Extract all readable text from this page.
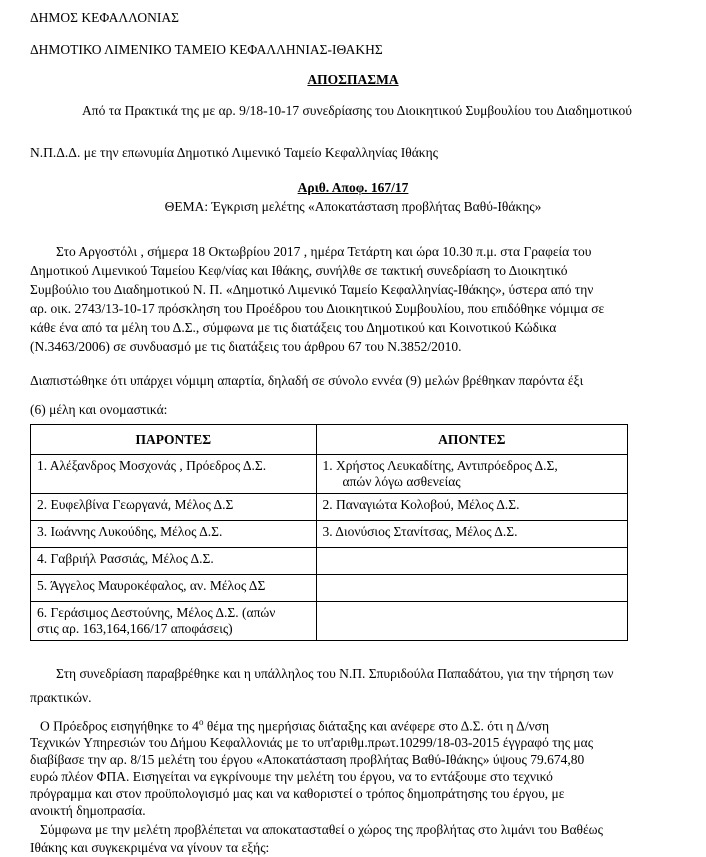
ΔΗΜΟΣ ΚΕΦΑΛΛΟΝΙΑΣ
ΔΗΜΟΤΙΚΟ ΛΙΜΕΝΙΚΟ ΤΑΜΕΙΟ ΚΕΦΑΛΛΗΝΙΑΣ-ΙΘΑΚΗΣ
ΑΠΟΣΠΑΣΜΑ
Από τα Πρακτικά της με αρ. 9/18-10-17 συνεδρίασης του Διοικητικού Συμβουλίου του Διαδημοτικού
Ν.Π.Δ.Δ. με την επωνυμία Δημοτικό Λιμενικό Ταμείο Κεφαλληνίας Ιθάκης
Αριθ. Αποφ. 167/17
ΘΕΜΑ: Έγκριση μελέτης «Αποκατάσταση προβλήτας Βαθύ-Ιθάκης»
Στο Αργοστόλι , σήμερα 18 Οκτωβρίου 2017 , ημέρα Τετάρτη και ώρα 10.30 π.μ. στα Γραφεία του
Δημοτικού Λιμενικού Ταμείου Κεφ/νίας και Ιθάκης, συνήλθε σε τακτική συνεδρίαση το Διοικητικό
Συμβούλιο του Διαδημοτικού Ν. Π. «Δημοτικό Λιμενικό Ταμείο Κεφαλληνίας-Ιθάκης», ύστερα από την
αρ. οικ. 2743/13-10-17 πρόσκληση του Προέδρου του Διοικητικού Συμβουλίου, που επιδόθηκε νόμιμα σε
κάθε ένα από τα μέλη του Δ.Σ., σύμφωνα με τις διατάξεις του Δημοτικού και Κοινοτικού Κώδικα
(Ν.3463/2006) σε συνδυασμό με τις διατάξεις του άρθρου 67 του Ν.3852/2010.
Διαπιστώθηκε ότι υπάρχει νόμιμη απαρτία, δηλαδή σε σύνολο εννέα (9) μελών βρέθηκαν παρόντα έξι
(6) μέλη και ονομαστικά:
ΠΑΡΟΝΤΕΣ	ΑΠΟΝΤΕΣ
1. Αλέξανδρος Μοσχονάς , Πρόεδρος Δ.Σ.	1. Χρήστος Λευκαδίτης, Αντιπρόεδρος Δ.Σ,
απών λόγω ασθενείας

2. Ευφελβίνα Γεωργανά, Μέλος Δ.Σ	2. Παναγιώτα Κολοβού, Μέλος Δ.Σ.
3. Ιωάννης Λυκούδης, Μέλος Δ.Σ.	3. Διονύσιος Στανίτσας, Μέλος Δ.Σ.
4. Γαβριήλ Ρασσιάς, Μέλος Δ.Σ.	
5. Άγγελος Μαυροκέφαλος, αν. Μέλος ΔΣ	

6. Γεράσιμος Δεστούνης, Μέλος Δ.Σ. (απών
στις αρ. 163,164,166/17 αποφάσεις)	

Στη συνεδρίαση παραβρέθηκε και η υπάλληλος του Ν.Π. Σπυριδούλα Παπαδάτου, για την τήρηση των
πρακτικών.
Ο Πρόεδρος εισηγήθηκε το $4^o$ θέμα της ημερήσιας διάταξης και ανέφερε στο Δ.Σ. ότι η Δ/νση
Τεχνικών Υπηρεσιών του Δήμου Κεφαλλονιάς με το υπ'αριθμ.πρωτ.10299/18-03-2015 έγγραφό της μας
διαβίβασε την αρ. 8/15 μελέτη του έργου «Αποκατάσταση προβλήτας Βαθύ-Ιθάκης» ύψους 79.674,80
ευρώ πλέον ΦΠΑ. Εισηγείται να εγκρίνουμε την μελέτη του έργου, να το εντάξουμε στο τεχνικό
πρόγραμμα και στον προϋπολογισμό μας και να καθοριστεί ο τρόπος δημοπράτησης του έργου, με
ανοικτή δημοπρασία.
Σύμφωνα με την μελέτη προβλέπεται να αποκατασταθεί ο χώρος της προβλήτας στο λιμάνι του Βαθέως
Ιθάκης και συγκεκριμένα να γίνουν τα εξής:
